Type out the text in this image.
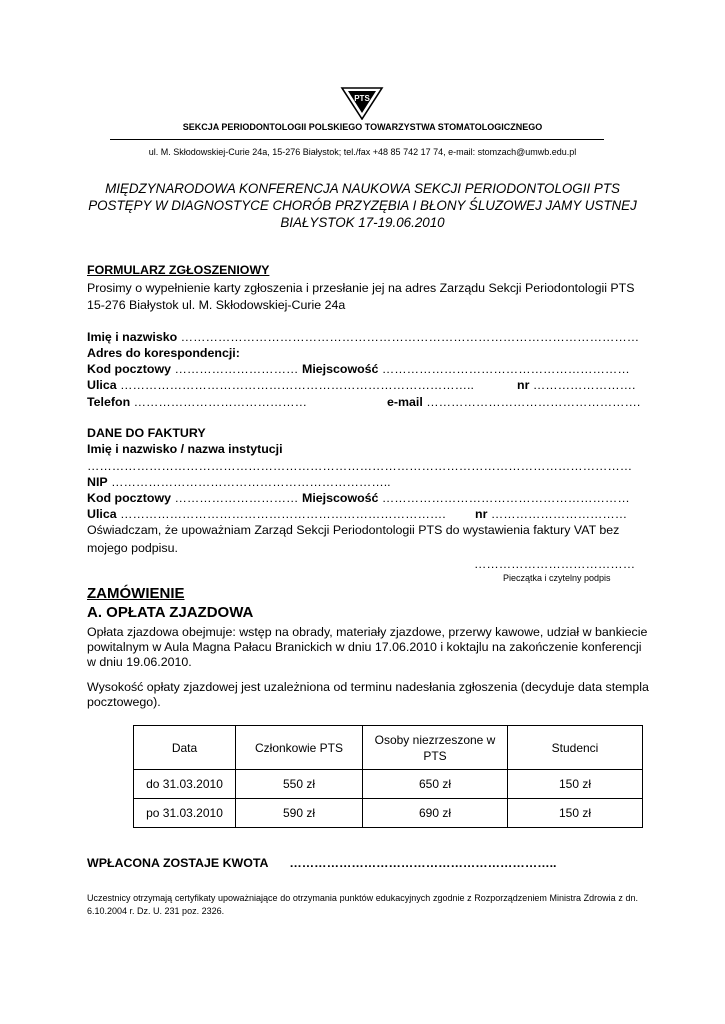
PTS
SEKCJA PERIODONTOLOGII POLSKIEGO TOWARZYSTWA STOMATOLOGICZNEGO
ul. M. Skłodowskiej-Curie 24a, 15-276 Białystok; tel./fax +48 85 742 17 74, e-mail: stomzach@umwb.edu.pl
MIĘDZYNARODOWA KONFERENCJA NAUKOWA SEKCJI PERIODONTOLOGII PTS
POSTĘPY W DIAGNOSTYCE CHORÓB PRZYZĘBIA I BŁONY ŚLUZOWEJ JAMY USTNEJ
BIAŁYSTOK 17-19.06.2010
FORMULARZ ZGŁOSZENIOWY
Prosimy o wypełnienie karty zgłoszenia i przesłanie jej na adres Zarządu Sekcji Periodontologii PTS
15-276 Białystok ul. M. Skłodowskiej-Curie 24a
Imię i nazwisko …………………………………………………………………………………………………
Adres do korespondencji:
Kod pocztowy ………………………… Miejscowość ……………………………………………………
Ulica …………………………………………………………………………..	nr …………………….
Telefon ……………………………………	e-mail …………………………………………….
DANE DO FAKTURY
Imię i nazwisko / nazwa instytucji
……………………………………………………………………………………………………………………
NIP …………………………………………………………..
Kod pocztowy ………………………… Miejscowość ……………………………………………………
Ulica ……………………………………………………………………. nr ……………………………
Oświadczam, że upoważniam Zarząd Sekcji Periodontologii PTS do wystawienia faktury VAT bez
mojego podpisu.
…………………………………
Pieczątka i czytelny podpis
ZAMÓWIENIE
A. OPŁATA ZJAZDOWA
Opłata zjazdowa obejmuje: wstęp na obrady, materiały zjazdowe, przerwy kawowe, udział w bankiecie
powitalnym w Aula Magna Pałacu Branickich w dniu 17.06.2010 i koktajlu na zakończenie konferencji
w dniu 19.06.2010.
Wysokość opłaty zjazdowej jest uzależniona od terminu nadesłania zgłoszenia (decyduje data stempla
pocztowego).
Data	Członkowie PTS	Osoby niezrzeszone w PTS	Studenci
do 31.03.2010	550 zł	650 zł	150 zł
po 31.03.2010	590 zł	690 zł	150 zł
WPŁACONA ZOSTAJE KWOTA ………………………………………………………..
Uczestnicy otrzymają certyfikaty upoważniające do otrzymania punktów edukacyjnych zgodnie z Rozporządzeniem Ministra Zdrowia z dn. 6.10.2004 r. Dz. U. 231 poz. 2326.
